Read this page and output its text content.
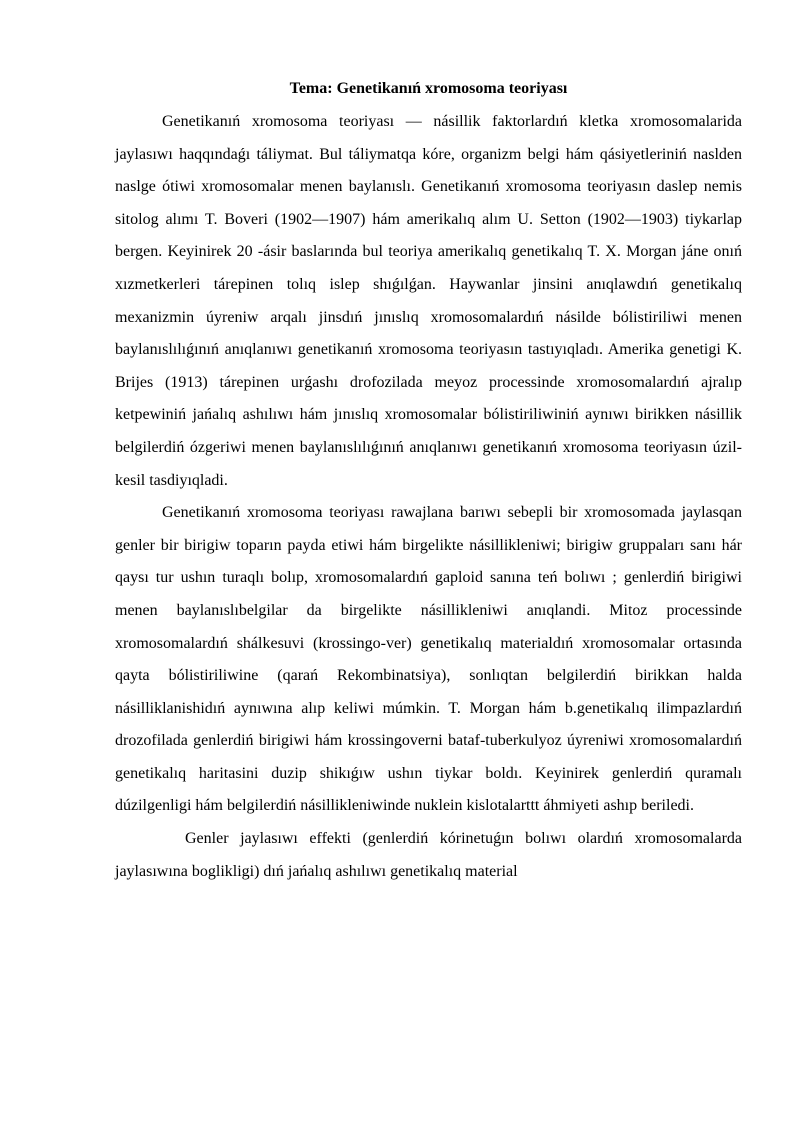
Tema: Genetikanıń xromosoma teoriyası

Genetikanıń xromosoma teoriyası — násillik faktorlardıń kletka xromosomalarida jaylasıwı haqqındaǵı táliymat. Bul táliymatqa kóre, organizm belgi hám qásiyetleriniń naslden naslge ótiwi xromosomalar menen baylanıslı. Genetikanıń xromosoma teoriyasın daslep nemis sitolog alımı T. Boveri (1902—1907) hám amerikalıq alım U. Setton (1902—1903) tiykarlap bergen. Keyinirek 20 -ásir baslarında bul teoriya amerikalıq genetikalıq T. X. Morgan jáne onıń xızmetkerleri tárepinen tolıq islep shıǵılǵan. Haywanlar jinsini anıqlawdıń genetikalıq mexanizmin úyreniw arqalı jinsdıń jınıslıq xromosomalardıń násilde bólistiriliwi menen baylanıslılıǵınıń anıqlanıwı genetikanıń xromosoma teoriyasın tastıyıqladı. Amerika genetigi K. Brijes (1913) tárepinen urǵashı drofozilada meyoz processinde xromosomalardıń ajralıp ketpewiniń jańalıq ashılıwı hám jınıslıq xromosomalar bólistiriliwiniń aynıwı birikken násillik belgilerdiń ózgeriwi menen baylanıslılıǵınıń anıqlanıwı genetikanıń xromosoma teoriyasın úzil-kesil tasdiyıqladi.

Genetikanıń xromosoma teoriyası rawajlana barıwı sebepli bir xromosomada jaylasqan genler bir birigiw toparın payda etiwi hám birgelikte násillikleniwi; birigiw gruppaları sanı hár qaysı tur ushın turaqlı bolıp, xromosomalardıń gaploid sanına teń bolıwı ; genlerdiń birigiwi menen baylanıslıbelgilar da birgelikte násillikleniwi anıqlandi. Mitoz processinde xromosomalardıń shálkesuvi (krossingo-ver) genetikalıq materialdıń xromosomalar ortasında qayta bólistiriliwine (qarań Rekombinatsiya), sonlıqtan belgilerdiń birikkan halda násilliklanishidıń aynıwına alıp keliwi múmkin. T. Morgan hám b.genetikalıq ilimpazlardıń drozofilada genlerdiń birigiwi hám krossingoverni bataf-tuberkulyoz úyreniwi xromosomalardıń genetikalıq haritasini duzip shikıǵıw ushın tiykar boldı. Keyinirek genlerdiń quramalı dúzilgenligi hám belgilerdiń násillikleniwinde nuklein kislotalarttt áhmiyeti ashıp beriledi.

Genler jaylasıwı effekti (genlerdiń kórinetuǵın bolıwı olardıń xromosomalarda jaylasıwına boglikligi) dıń jańalıq ashılıwı genetikalıq material
